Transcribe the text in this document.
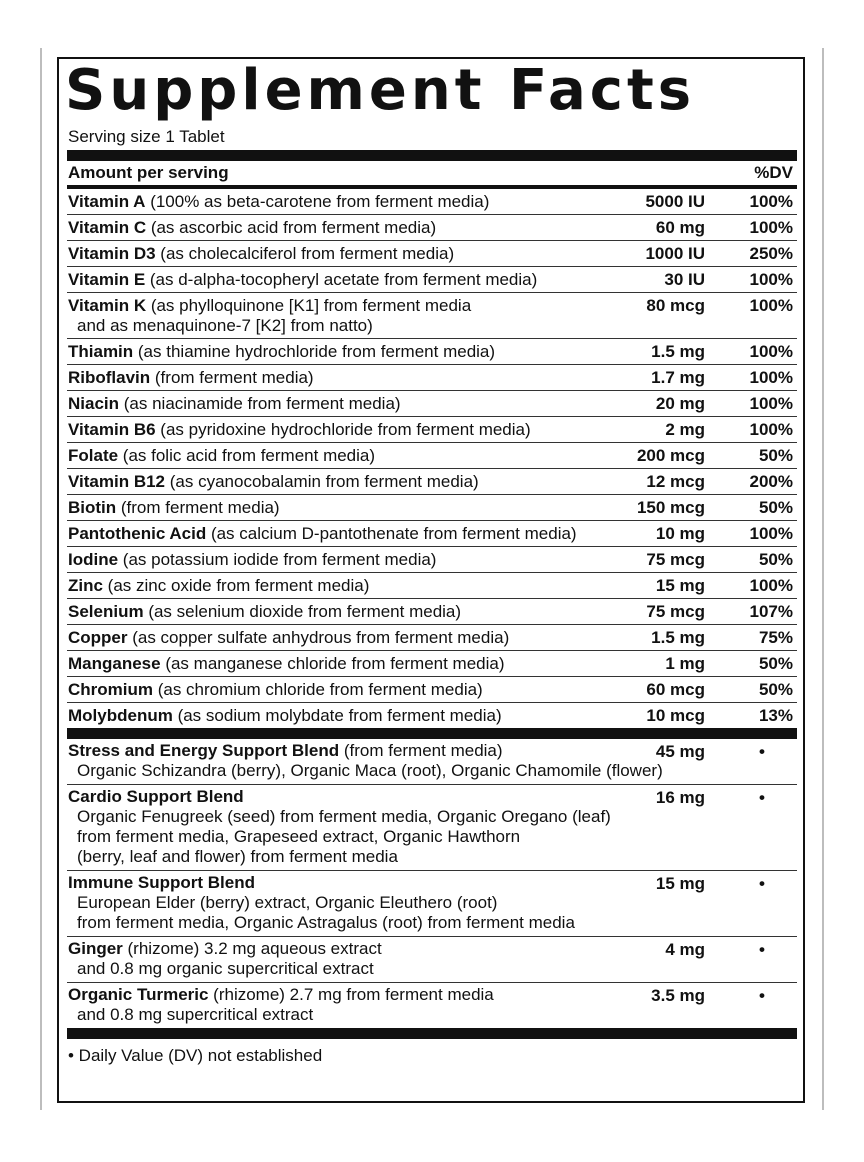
Supplement Facts
Serving size 1 Tablet
Amount per serving	%DV
Vitamin A (100% as beta-carotene from ferment media)	5000 IU	100%
Vitamin C (as ascorbic acid from ferment media)	60 mg	100%
Vitamin D3 (as cholecalciferol from ferment media)	1000 IU	250%
Vitamin E (as d-alpha-tocopheryl acetate from ferment media)	30 IU	100%
Vitamin K (as phylloquinone [K1] from ferment media
and as menaquinone-7 [K2] from natto)
80 mcg	100%
Thiamin (as thiamine hydrochloride from ferment media)	1.5 mg	100%
Riboflavin (from ferment media)	1.7 mg	100%
Niacin (as niacinamide from ferment media)	20 mg	100%
Vitamin B6 (as pyridoxine hydrochloride from ferment media)	2 mg	100%
Folate (as folic acid from ferment media)	200 mcg	50%
Vitamin B12 (as cyanocobalamin from ferment media)	12 mcg	200%
Biotin (from ferment media)	150 mcg	50%
Pantothenic Acid (as calcium D-pantothenate from ferment media)	10 mg	100%
Iodine (as potassium iodide from ferment media)	75 mcg	50%
Zinc (as zinc oxide from ferment media)	15 mg	100%
Selenium (as selenium dioxide from ferment media)	75 mcg	107%
Copper (as copper sulfate anhydrous from ferment media)	1.5 mg	75%
Manganese (as manganese chloride from ferment media)	1 mg	50%
Chromium (as chromium chloride from ferment media)	60 mcg	50%
Molybdenum (as sodium molybdate from ferment media)	10 mcg	13%
Stress and Energy Support Blend (from ferment media)
Organic Schizandra (berry), Organic Maca (root), Organic Chamomile (flower)
45 mg	•
Cardio Support Blend
Organic Fenugreek (seed) from ferment media, Organic Oregano (leaf)
from ferment media, Grapeseed extract, Organic Hawthorn
(berry, leaf and flower) from ferment media
16 mg	•
Immune Support Blend
European Elder (berry) extract, Organic Eleuthero (root)
from ferment media, Organic Astragalus (root) from ferment media
15 mg	•
Ginger (rhizome) 3.2 mg aqueous extract
and 0.8 mg organic supercritical extract
4 mg	•
Organic Turmeric (rhizome) 2.7 mg from ferment media
and 0.8 mg supercritical extract
3.5 mg	•
• Daily Value (DV) not established
